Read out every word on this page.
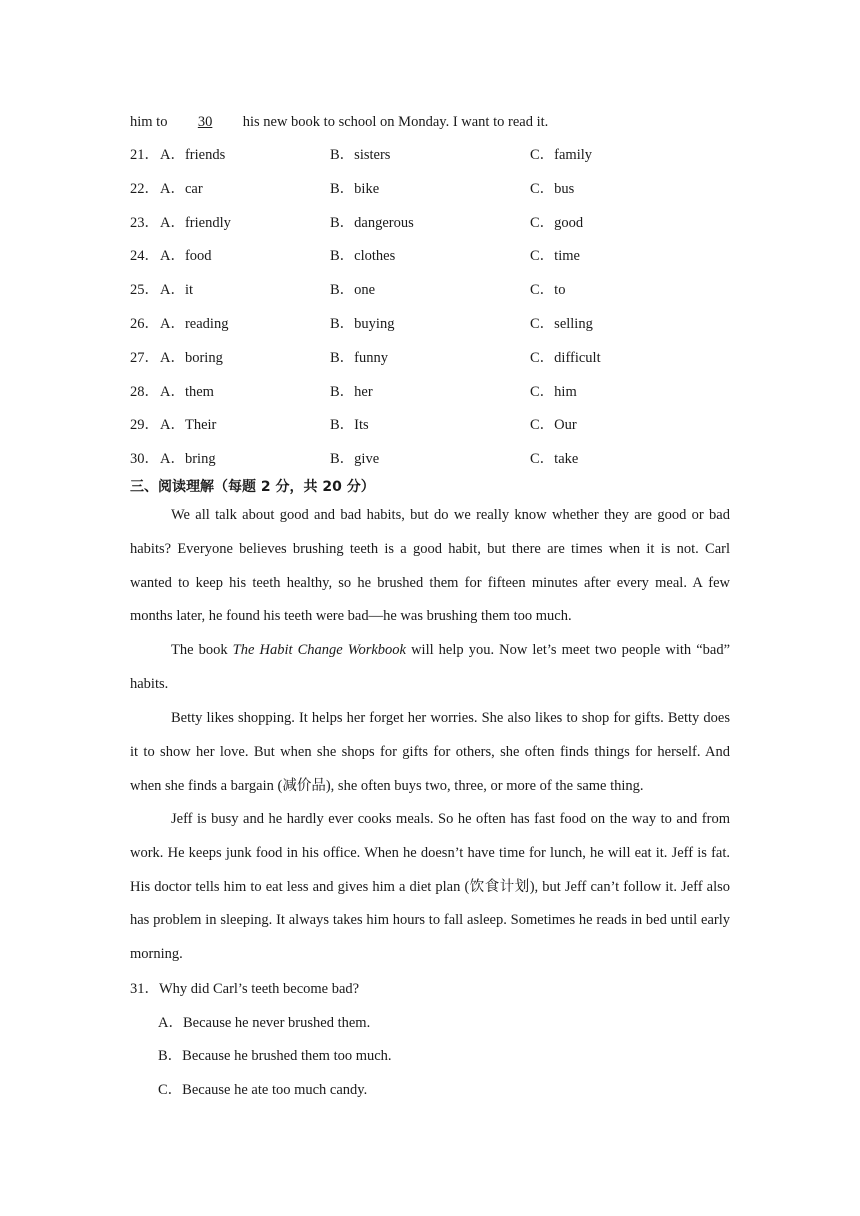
him to 30 his new book to school on Monday. I want to read it.
21． A．friends	B．sisters	C．family
22． A．car	B．bike	C．bus
23． A．friendly	B．dangerous	C．good
24． A．food	B．clothes	C．time
25． A．it	B．one	C．to
26． A．reading	B．buying	C．selling
27． A．boring	B．funny	C．difficult
28． A．them	B．her	C．him
29． A．Their	B．Its	C．Our
30． A．bring	B．give	C．take
三、阅读理解（每题 2 分，共 20 分）
We all talk about good and bad habits, but do we really know whether they are good or bad habits? Everyone believes brushing teeth is a good habit, but there are times when it is not. Carl wanted to keep his teeth healthy, so he brushed them for fifteen minutes after every meal. A few months later, he found his teeth were bad—he was brushing them too much.
The book The Habit Change Workbook will help you. Now let’s meet two people with “bad” habits.
Betty likes shopping. It helps her forget her worries. She also likes to shop for gifts. Betty does it to show her love. But when she shops for gifts for others, she often finds things for herself. And when she finds a bargain (减价品), she often buys two, three, or more of the same thing.
Jeff is busy and he hardly ever cooks meals. So he often has fast food on the way to and from work. He keeps junk food in his office. When he doesn’t have time for lunch, he will eat it. Jeff is fat. His doctor tells him to eat less and gives him a diet plan (饮食计划), but Jeff can’t follow it. Jeff also has problem in sleeping. It always takes him hours to fall asleep. Sometimes he reads in bed until early morning.
31．Why did Carl’s teeth become bad?
A．Because he never brushed them.
B．Because he brushed them too much.
C．Because he ate too much candy.
